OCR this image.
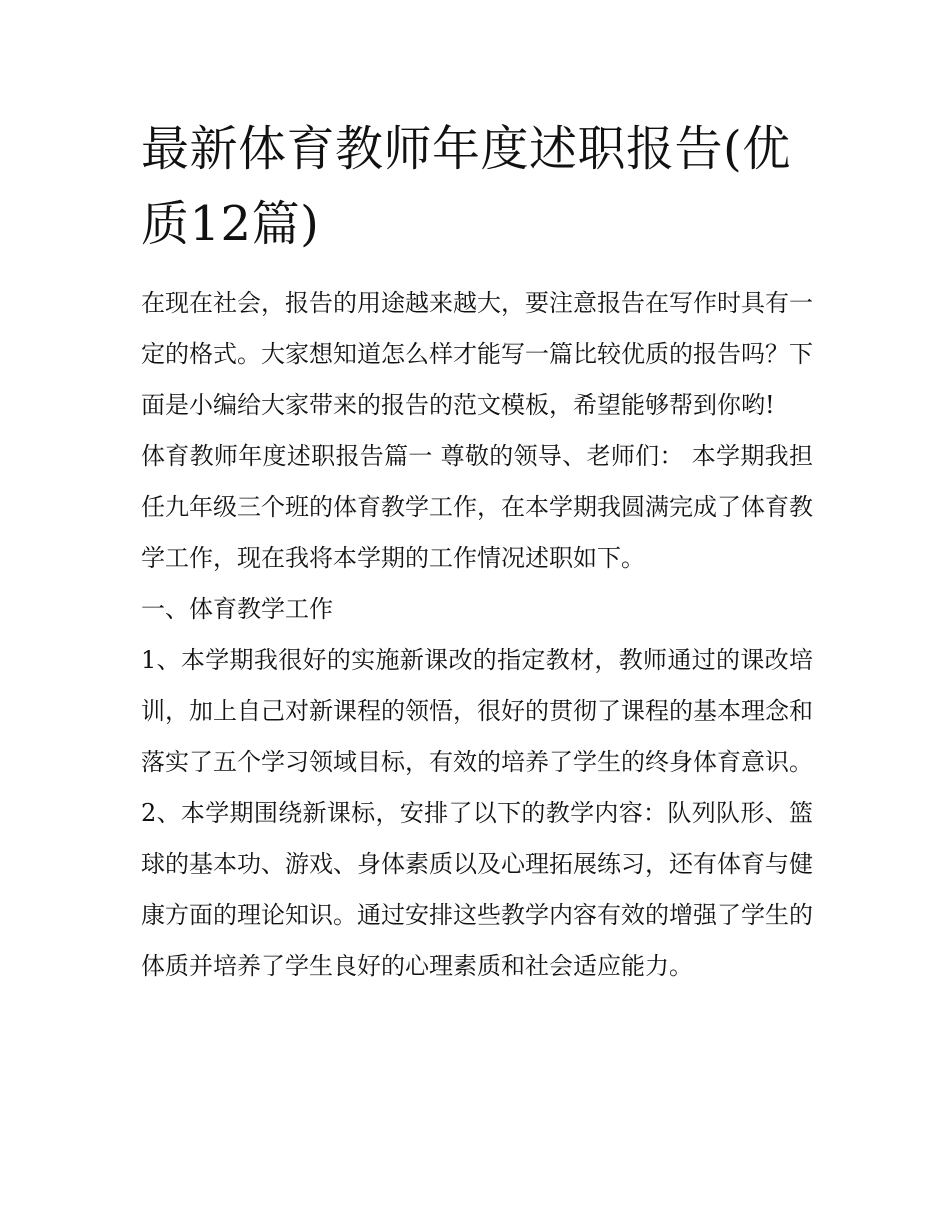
最新体育教师年度述职报告(优质12篇)

在现在社会，报告的用途越来越大，要注意报告在写作时具有一定的格式。大家想知道怎么样才能写一篇比较优质的报告吗？下面是小编给大家带来的报告的范文模板，希望能够帮到你哟!

体育教师年度述职报告篇一 尊敬的领导、老师们： 本学期我担任九年级三个班的体育教学工作，在本学期我圆满完成了体育教学工作，现在我将本学期的工作情况述职如下。

一、体育教学工作

1、本学期我很好的实施新课改的指定教材，教师通过的课改培训，加上自己对新课程的领悟，很好的贯彻了课程的基本理念和落实了五个学习领域目标，有效的培养了学生的终身体育意识。

2、本学期围绕新课标，安排了以下的教学内容：队列队形、篮球的基本功、游戏、身体素质以及心理拓展练习，还有体育与健康方面的理论知识。通过安排这些教学内容有效的增强了学生的体质并培养了学生良好的心理素质和社会适应能力。
